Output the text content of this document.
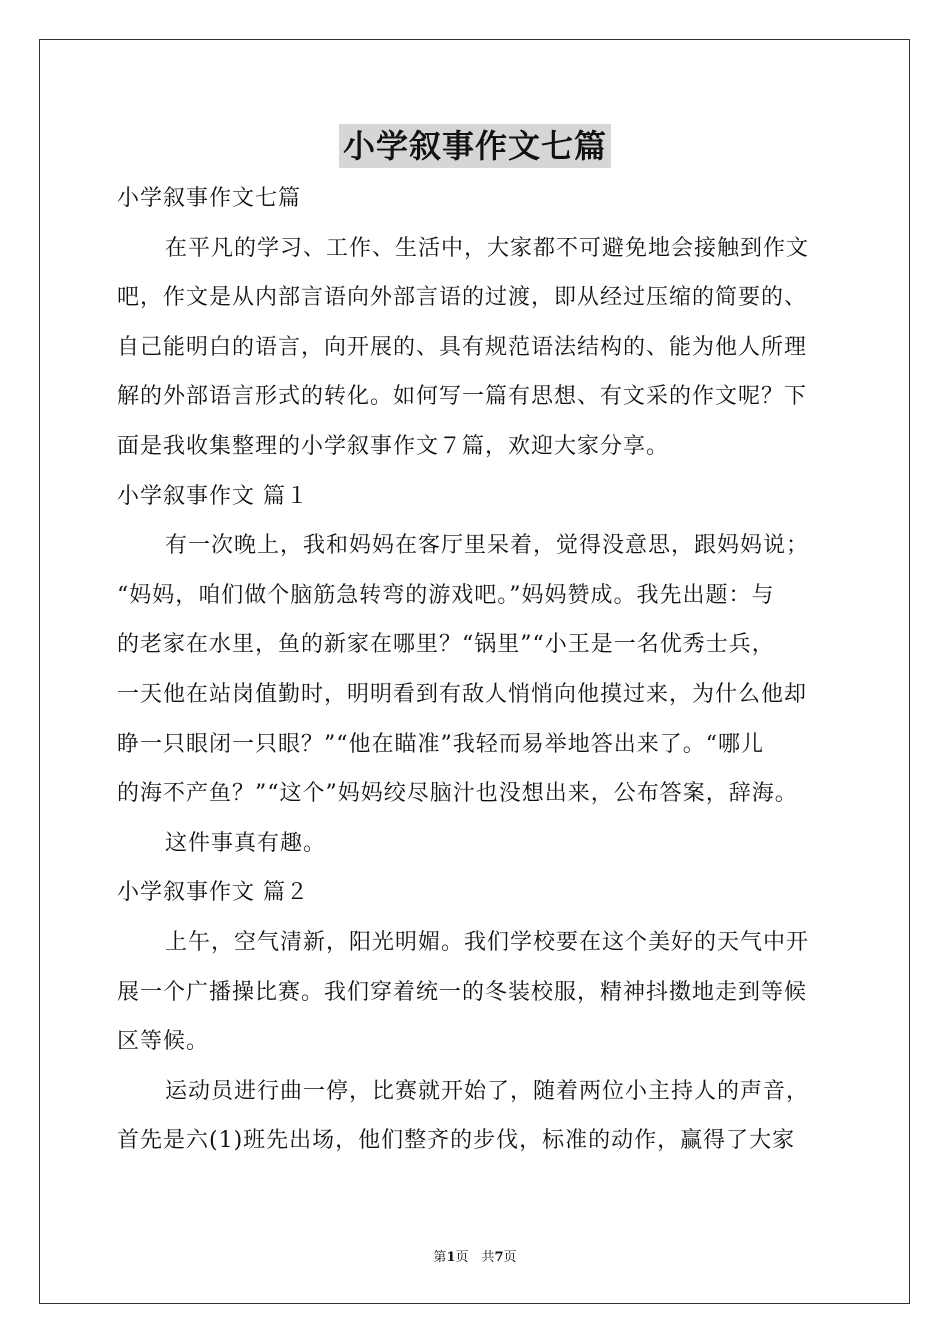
小学叙事作文七篇
小学叙事作文七篇
在平凡的学习、工作、生活中，大家都不可避免地会接触到作文
吧，作文是从内部言语向外部言语的过渡，即从经过压缩的简要的、
自己能明白的语言，向开展的、具有规范语法结构的、能为他人所理
解的外部语言形式的转化。如何写一篇有思想、有文采的作文呢？下
面是我收集整理的小学叙事作文７篇，欢迎大家分享。
小学叙事作文 篇１
有一次晚上，我和妈妈在客厅里呆着，觉得没意思，跟妈妈说；
“妈妈，咱们做个脑筋急转弯的游戏吧。”妈妈赞成。我先出题：与
的老家在水里，鱼的新家在哪里？“锅里”“小王是一名优秀士兵，
一天他在站岗值勤时，明明看到有敌人悄悄向他摸过来，为什么他却
睁一只眼闭一只眼？”“他在瞄准”我轻而易举地答出来了。“哪儿
的海不产鱼？”“这个”妈妈绞尽脑汁也没想出来，公布答案，辞海。
这件事真有趣。
小学叙事作文 篇２
上午，空气清新，阳光明媚。我们学校要在这个美好的天气中开
展一个广播操比赛。我们穿着统一的冬装校服，精神抖擞地走到等候
区等候。
运动员进行曲一停，比赛就开始了，随着两位小主持人的声音，
首先是六(1)班先出场，他们整齐的步伐，标准的动作，赢得了大家
第1页　共7页
